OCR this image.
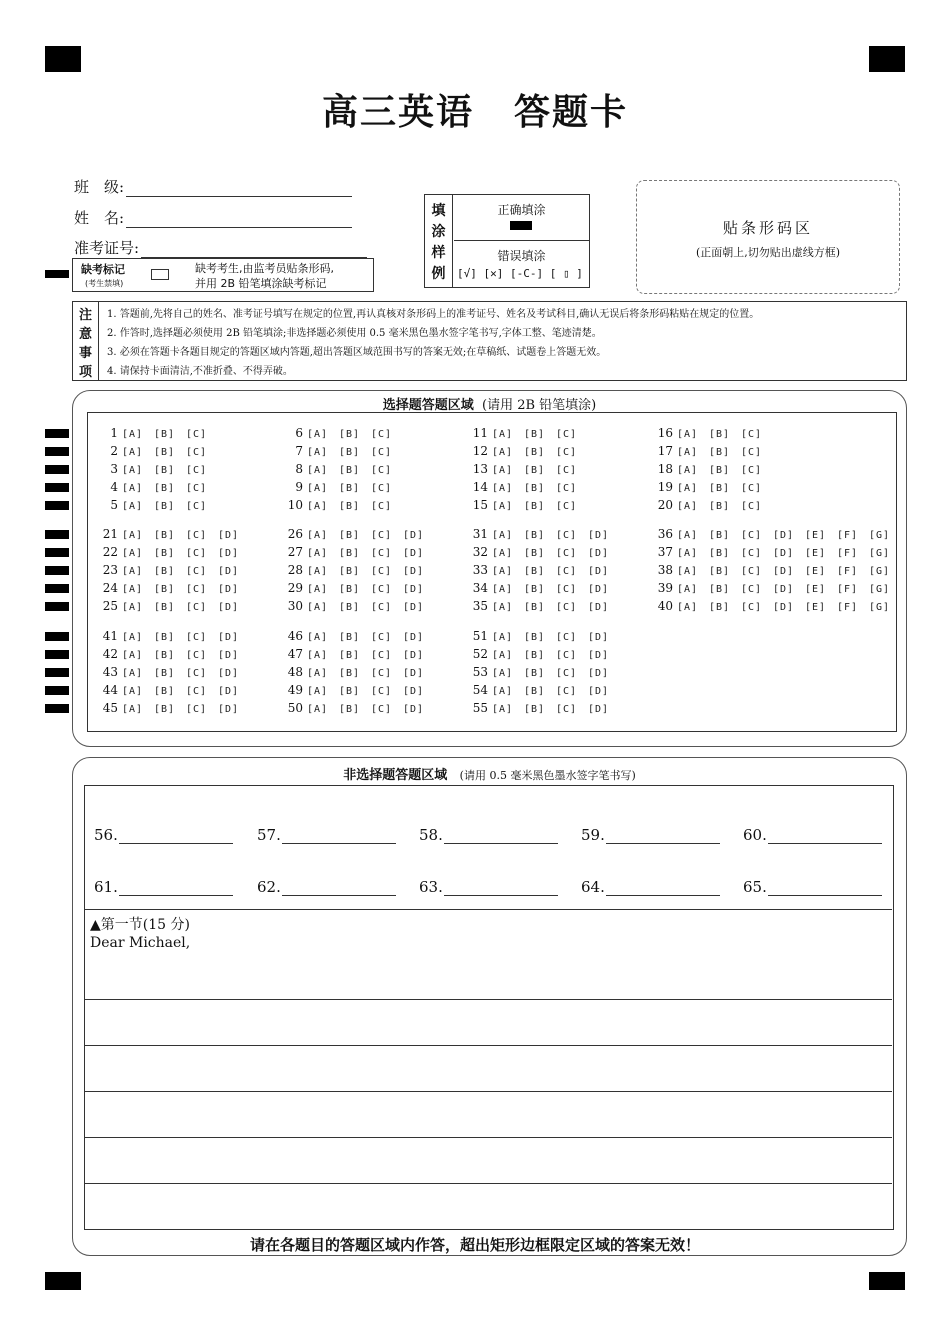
高三英语 答题卡
班　级:
姓　名:
准考证号:
缺考标记
(考生禁填)
缺考考生,由监考员贴条形码,
并用 2B 铅笔填涂缺考标记
填
涂
样
例
正确填涂
错误填涂
[√] [✕] [-C-] [ ▯ ]
贴条形码区
(正面朝上,切勿贴出虚线方框)
注
意
事
项
1. 答题前,先将自己的姓名、准考证号填写在规定的位置,再认真核对条形码上的准考证号、姓名及考试科目,确认无误后将条形码粘贴在规定的位置。
2. 作答时,选择题必须使用 2B 铅笔填涂;非选择题必须使用 0.5 毫米黑色墨水签字笔书写,字体工整、笔迹清楚。
3. 必须在答题卡各题目规定的答题区域内答题,超出答题区域范围书写的答案无效;在草稿纸、试题卷上答题无效。
4. 请保持卡面清洁,不准折叠、不得弄破。
选择题答题区域 (请用 2B 铅笔填涂)
1 [A] [B] [C]
2 [A] [B] [C]
3 [A] [B] [C]
4 [A] [B] [C]
5 [A] [B] [C]
6 [A] [B] [C]
7 [A] [B] [C]
8 [A] [B] [C]
9 [A] [B] [C]
10 [A] [B] [C]
11 [A] [B] [C]
12 [A] [B] [C]
13 [A] [B] [C]
14 [A] [B] [C]
15 [A] [B] [C]
16 [A] [B] [C]
17 [A] [B] [C]
18 [A] [B] [C]
19 [A] [B] [C]
20 [A] [B] [C]
21 [A] [B] [C] [D]
22 [A] [B] [C] [D]
23 [A] [B] [C] [D]
24 [A] [B] [C] [D]
25 [A] [B] [C] [D]
26 [A] [B] [C] [D]
27 [A] [B] [C] [D]
28 [A] [B] [C] [D]
29 [A] [B] [C] [D]
30 [A] [B] [C] [D]
31 [A] [B] [C] [D]
32 [A] [B] [C] [D]
33 [A] [B] [C] [D]
34 [A] [B] [C] [D]
35 [A] [B] [C] [D]
36 [A] [B] [C] [D] [E] [F] [G]
37 [A] [B] [C] [D] [E] [F] [G]
38 [A] [B] [C] [D] [E] [F] [G]
39 [A] [B] [C] [D] [E] [F] [G]
40 [A] [B] [C] [D] [E] [F] [G]
41 [A] [B] [C] [D]
42 [A] [B] [C] [D]
43 [A] [B] [C] [D]
44 [A] [B] [C] [D]
45 [A] [B] [C] [D]
46 [A] [B] [C] [D]
47 [A] [B] [C] [D]
48 [A] [B] [C] [D]
49 [A] [B] [C] [D]
50 [A] [B] [C] [D]
51 [A] [B] [C] [D]
52 [A] [B] [C] [D]
53 [A] [B] [C] [D]
54 [A] [B] [C] [D]
55 [A] [B] [C] [D]
非选择题答题区域 (请用 0.5 毫米黑色墨水签字笔书写)
56.	57.	58.	59.	60.
61.	62.	63.	64.	65.
▲第一节(15 分)
Dear Michael,
请在各题目的答题区域内作答，超出矩形边框限定区域的答案无效！
